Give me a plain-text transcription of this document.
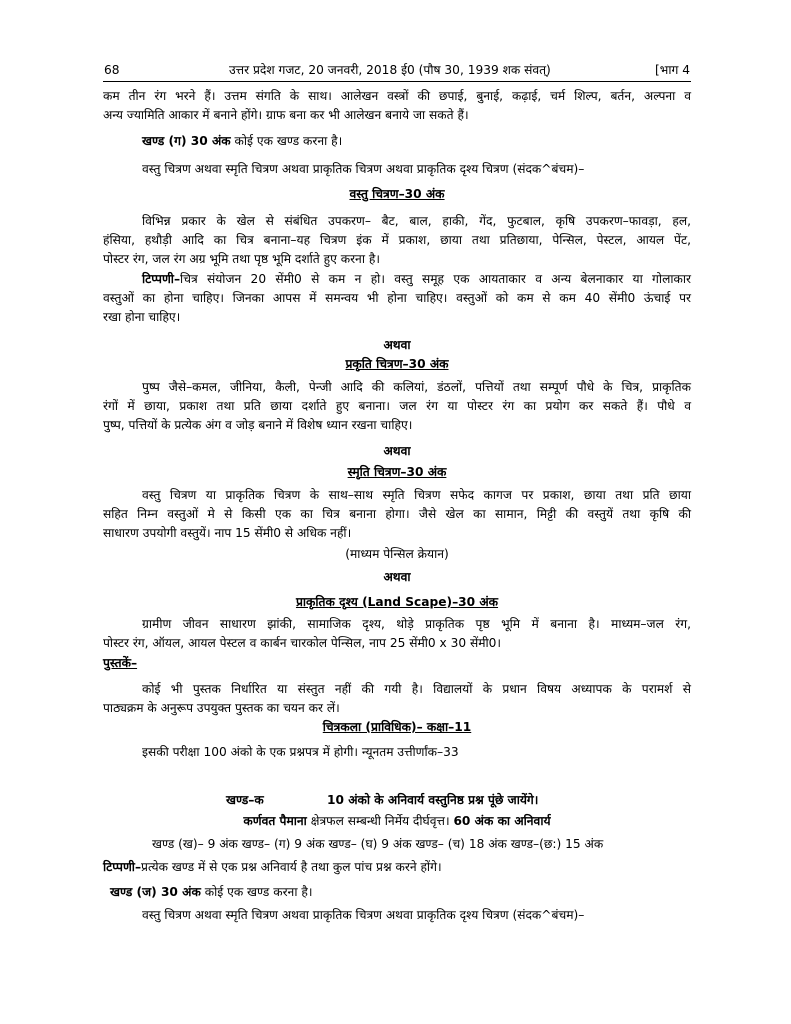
68	उत्तर प्रदेश गजट, 20 जनवरी, 2018 ई0 (पौष 30, 1939 शक संवत्)	[भाग 4
कम तीन रंग भरने हैं। उत्तम संगति के साथ। आलेखन वस्त्रों की छपाई, बुनाई, कढ़ाई, चर्म शिल्प, बर्तन, अल्पना व
अन्य ज्यामिति आकार में बनाने होंगे। ग्राफ बना कर भी आलेखन बनाये जा सकते हैं।
खण्ड (ग) 30 अंक कोई एक खण्ड करना है।
वस्तु चित्रण अथवा स्मृति चित्रण अथवा प्राकृतिक चित्रण अथवा प्राकृतिक दृश्य चित्रण (संदक^बंचम)–
वस्तु चित्रण–30 अंक
विभिन्न प्रकार के खेल से संबंधित उपकरण– बैट, बाल, हाकी, गेंद, फुटबाल, कृषि उपकरण–फावड़ा, हल,
हंसिया, हथौड़ी आदि का चित्र बनाना–यह चित्रण इंक में प्रकाश, छाया तथा प्रतिछाया, पेन्सिल, पेस्टल, आयल पेंट,
पोस्टर रंग, जल रंग अग्र भूमि तथा पृष्ठ भूमि दर्शाते हुए करना है।
टिप्पणी–चित्र संयोजन 20 सेंमी0 से कम न हो। वस्तु समूह एक आयताकार व अन्य बेलनाकार या गोलाकार
वस्तुओं का होना चाहिए। जिनका आपस में समन्वय भी होना चाहिए। वस्तुओं को कम से कम 40 सेंमी0 ऊंचाई पर
रखा होना चाहिए।
अथवा
प्रकृति चित्रण–30 अंक
पुष्प जैसे–कमल, जीनिया, कैली, पेन्जी आदि की कलियां, डंठलों, पत्तियों तथा सम्पूर्ण पौधे के चित्र, प्राकृतिक
रंगों में छाया, प्रकाश तथा प्रति छाया दर्शाते हुए बनाना। जल रंग या पोस्टर रंग का प्रयोग कर सकते हैं। पौधे व
पुष्प, पत्तियों के प्रत्येक अंग व जोड़ बनाने में विशेष ध्यान रखना चाहिए।
अथवा
स्मृति चित्रण–30 अंक
वस्तु चित्रण या प्राकृतिक चित्रण के साथ–साथ स्मृति चित्रण सफेद कागज पर प्रकाश, छाया तथा प्रति छाया
सहित निम्न वस्तुओं मे से किसी एक का चित्र बनाना होगा। जैसे खेल का सामान, मिट्टी की वस्तुयें तथा कृषि की
साधारण उपयोगी वस्तुयें। नाप 15 सेंमी0 से अधिक नहीं।
(माध्यम पेन्सिल क्रेयान)
अथवा
प्राकृतिक दृश्य (Land Scape)–30 अंक
ग्रामीण जीवन साधारण झांकी, सामाजिक दृश्य, थोड़े प्राकृतिक पृष्ठ भूमि में बनाना है। माध्यम–जल रंग,
पोस्टर रंग, ऑयल, आयल पेस्टल व कार्बन चारकोल पेन्सिल, नाप 25 सेंमी0 x 30 सेंमी0।
पुस्तकें–
कोई भी पुस्तक निर्धारित या संस्तुत नहीं की गयी है। विद्यालयों के प्रधान विषय अध्यापक के परामर्श से
पाठ्यक्रम के अनुरूप उपयुक्त पुस्तक का चयन कर लें।
चित्रकला (प्राविधिक)– कक्षा–11
इसकी परीक्षा 100 अंको के एक प्रश्नपत्र में होगी। न्यूनतम उत्तीर्णांक–33
खण्ड–क	10 अंको के अनिवार्य वस्तुनिष्ठ प्रश्न पूंछे जायेंगे।
कर्णवत पैमाना क्षेत्रफल सम्बन्धी निर्मेय दीर्घवृत्त। 60 अंक का अनिवार्य
खण्ड (ख)– 9 अंक खण्ड– (ग) 9 अंक खण्ड– (घ) 9 अंक खण्ड– (च) 18 अंक खण्ड–(छ:) 15 अंक
टिप्पणी–प्रत्येक खण्ड में से एक प्रश्न अनिवार्य है तथा कुल पांच प्रश्न करने होंगे।
खण्ड (ज) 30 अंक कोई एक खण्ड करना है।
वस्तु चित्रण अथवा स्मृति चित्रण अथवा प्राकृतिक चित्रण अथवा प्राकृतिक दृश्य चित्रण (संदक^बंचम)–
